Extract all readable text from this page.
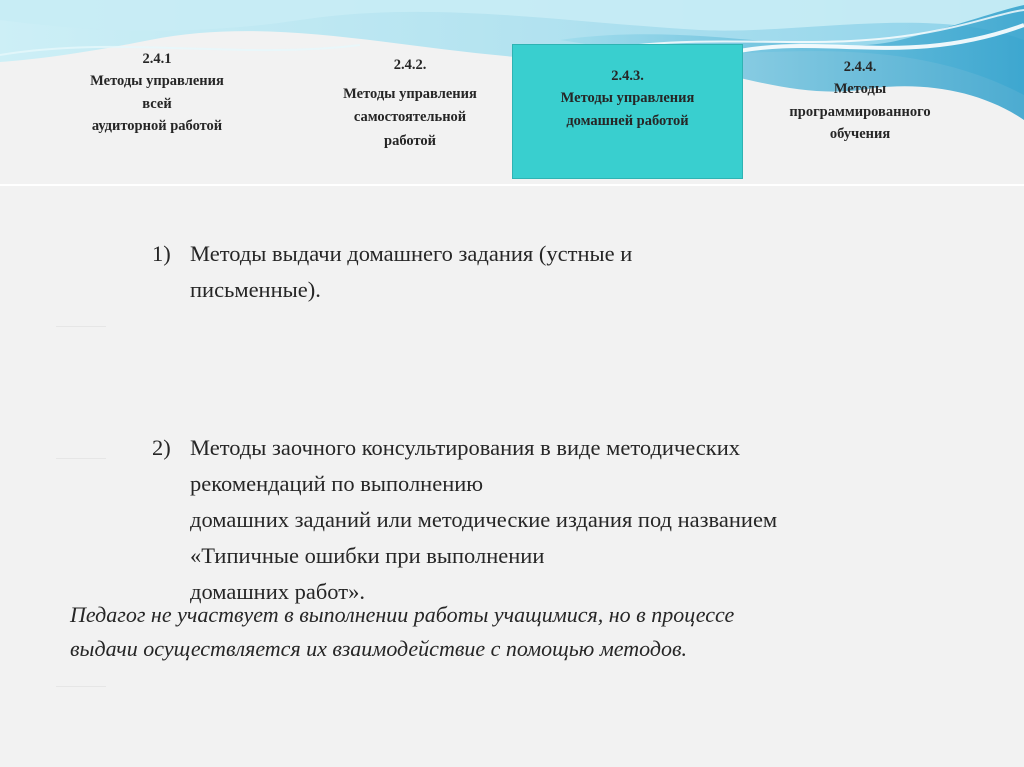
2.4.1
Методы управления
всей
аудиторной работой
2.4.2.
Методы управления
самостоятельной
работой
2.4.3.
Методы управления
домашней работой
2.4.4.
Методы
программированного
обучения
1) Методы выдачи домашнего задания (устные и
письменные).
2) Методы заочного консультирования в виде методических
рекомендаций по выполнению
домашних заданий или методические издания под названием
«Типичные ошибки при выполнении
домашних работ».
Педагог не участвует в выполнении работы учащимися, но в процессе
выдачи осуществляется их взаимодействие с помощью методов.
